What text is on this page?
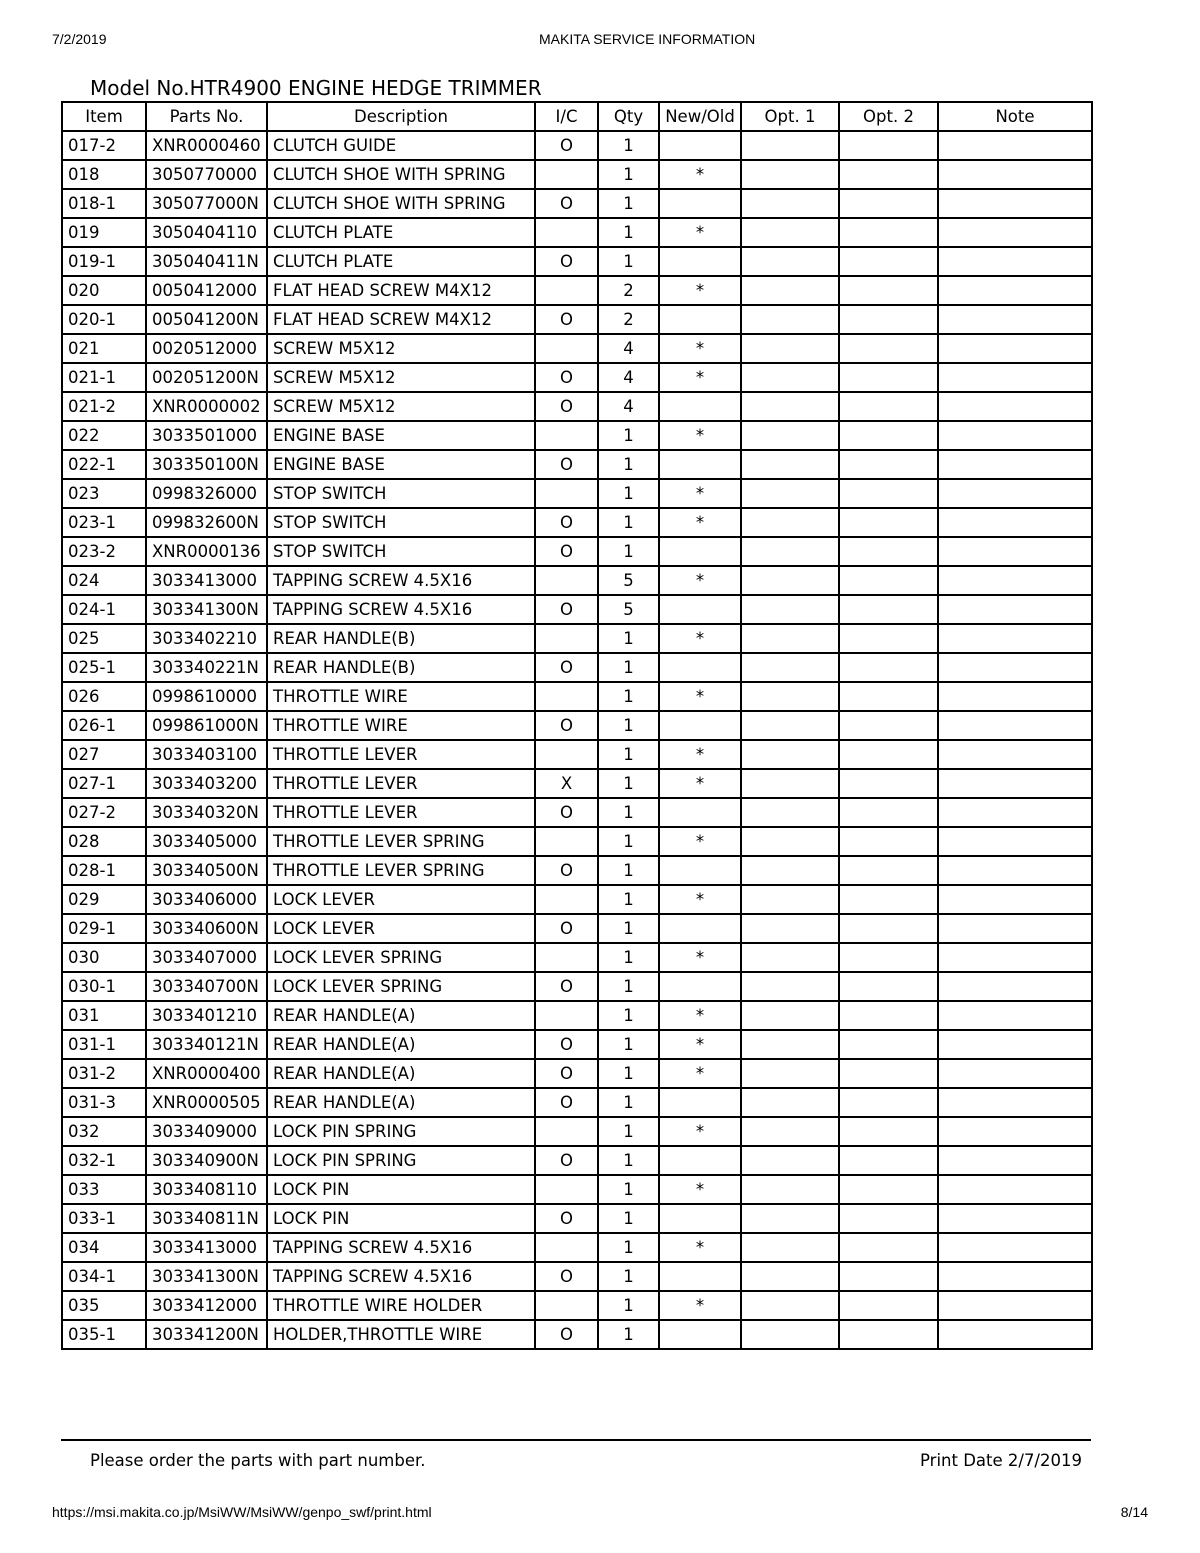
7/2/2019	MAKITA SERVICE INFORMATION
Model No.HTR4900 ENGINE HEDGE TRIMMER
Item	Parts No.	Description	I/C	Qty	New/Old	Opt. 1	Opt. 2	Note
017-2	XNR0000460	CLUTCH GUIDE	O	1				
018	3050770000	CLUTCH SHOE WITH SPRING		1	*			
018-1	305077000N	CLUTCH SHOE WITH SPRING	O	1				
019	3050404110	CLUTCH PLATE		1	*			
019-1	305040411N	CLUTCH PLATE	O	1				
020	0050412000	FLAT HEAD SCREW M4X12		2	*			
020-1	005041200N	FLAT HEAD SCREW M4X12	O	2				
021	0020512000	SCREW M5X12		4	*			
021-1	002051200N	SCREW M5X12	O	4	*			
021-2	XNR0000002	SCREW M5X12	O	4				
022	3033501000	ENGINE BASE		1	*			
022-1	303350100N	ENGINE BASE	O	1				
023	0998326000	STOP SWITCH		1	*			
023-1	099832600N	STOP SWITCH	O	1	*			
023-2	XNR0000136	STOP SWITCH	O	1				
024	3033413000	TAPPING SCREW 4.5X16		5	*			
024-1	303341300N	TAPPING SCREW 4.5X16	O	5				
025	3033402210	REAR HANDLE(B)		1	*			
025-1	303340221N	REAR HANDLE(B)	O	1				
026	0998610000	THROTTLE WIRE		1	*			
026-1	099861000N	THROTTLE WIRE	O	1				
027	3033403100	THROTTLE LEVER		1	*			
027-1	3033403200	THROTTLE LEVER	X	1	*			
027-2	303340320N	THROTTLE LEVER	O	1				
028	3033405000	THROTTLE LEVER SPRING		1	*			
028-1	303340500N	THROTTLE LEVER SPRING	O	1				
029	3033406000	LOCK LEVER		1	*			
029-1	303340600N	LOCK LEVER	O	1				
030	3033407000	LOCK LEVER SPRING		1	*			
030-1	303340700N	LOCK LEVER SPRING	O	1				
031	3033401210	REAR HANDLE(A)		1	*			
031-1	303340121N	REAR HANDLE(A)	O	1	*			
031-2	XNR0000400	REAR HANDLE(A)	O	1	*			
031-3	XNR0000505	REAR HANDLE(A)	O	1				
032	3033409000	LOCK PIN SPRING		1	*			
032-1	303340900N	LOCK PIN SPRING	O	1				
033	3033408110	LOCK PIN		1	*			
033-1	303340811N	LOCK PIN	O	1				
034	3033413000	TAPPING SCREW 4.5X16		1	*			
034-1	303341300N	TAPPING SCREW 4.5X16	O	1				
035	3033412000	THROTTLE WIRE HOLDER		1	*			
035-1	303341200N	HOLDER,THROTTLE WIRE	O	1				
Please order the parts with part number.	Print Date 2/7/2019
https://msi.makita.co.jp/MsiWW/MsiWW/genpo_swf/print.html	8/14
